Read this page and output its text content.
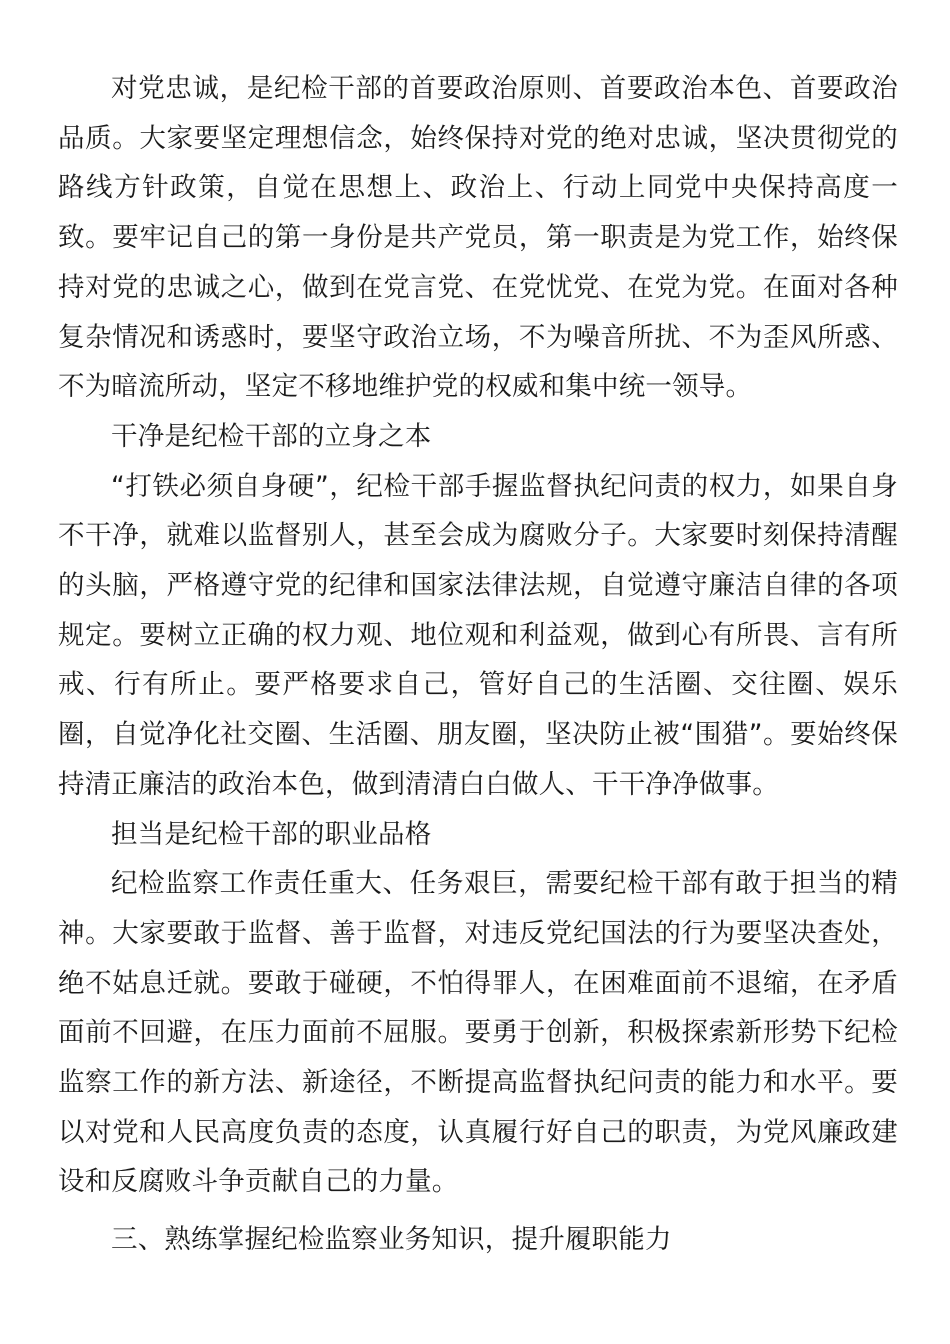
对党忠诚，是纪检干部的首要政治原则、首要政治本色、首要政治品质。大家要坚定理想信念，始终保持对党的绝对忠诚，坚决贯彻党的路线方针政策，自觉在思想上、政治上、行动上同党中央保持高度一致。要牢记自己的第一身份是共产党员，第一职责是为党工作，始终保持对党的忠诚之心，做到在党言党、在党忧党、在党为党。在面对各种复杂情况和诱惑时，要坚守政治立场，不为噪音所扰、不为歪风所惑、不为暗流所动，坚定不移地维护党的权威和集中统一领导。

干净是纪检干部的立身之本

“打铁必须自身硬”，纪检干部手握监督执纪问责的权力，如果自身不干净，就难以监督别人，甚至会成为腐败分子。大家要时刻保持清醒的头脑，严格遵守党的纪律和国家法律法规，自觉遵守廉洁自律的各项规定。要树立正确的权力观、地位观和利益观，做到心有所畏、言有所戒、行有所止。要严格要求自己，管好自己的生活圈、交往圈、娱乐圈，自觉净化社交圈、生活圈、朋友圈，坚决防止被“围猎”。要始终保持清正廉洁的政治本色，做到清清白白做人、干干净净做事。

担当是纪检干部的职业品格

纪检监察工作责任重大、任务艰巨，需要纪检干部有敢于担当的精神。大家要敢于监督、善于监督，对违反党纪国法的行为要坚决查处，绝不姑息迁就。要敢于碰硬，不怕得罪人，在困难面前不退缩，在矛盾面前不回避，在压力面前不屈服。要勇于创新，积极探索新形势下纪检监察工作的新方法、新途径，不断提高监督执纪问责的能力和水平。要以对党和人民高度负责的态度，认真履行好自己的职责，为党风廉政建设和反腐败斗争贡献自己的力量。

三、熟练掌握纪检监察业务知识，提升履职能力
